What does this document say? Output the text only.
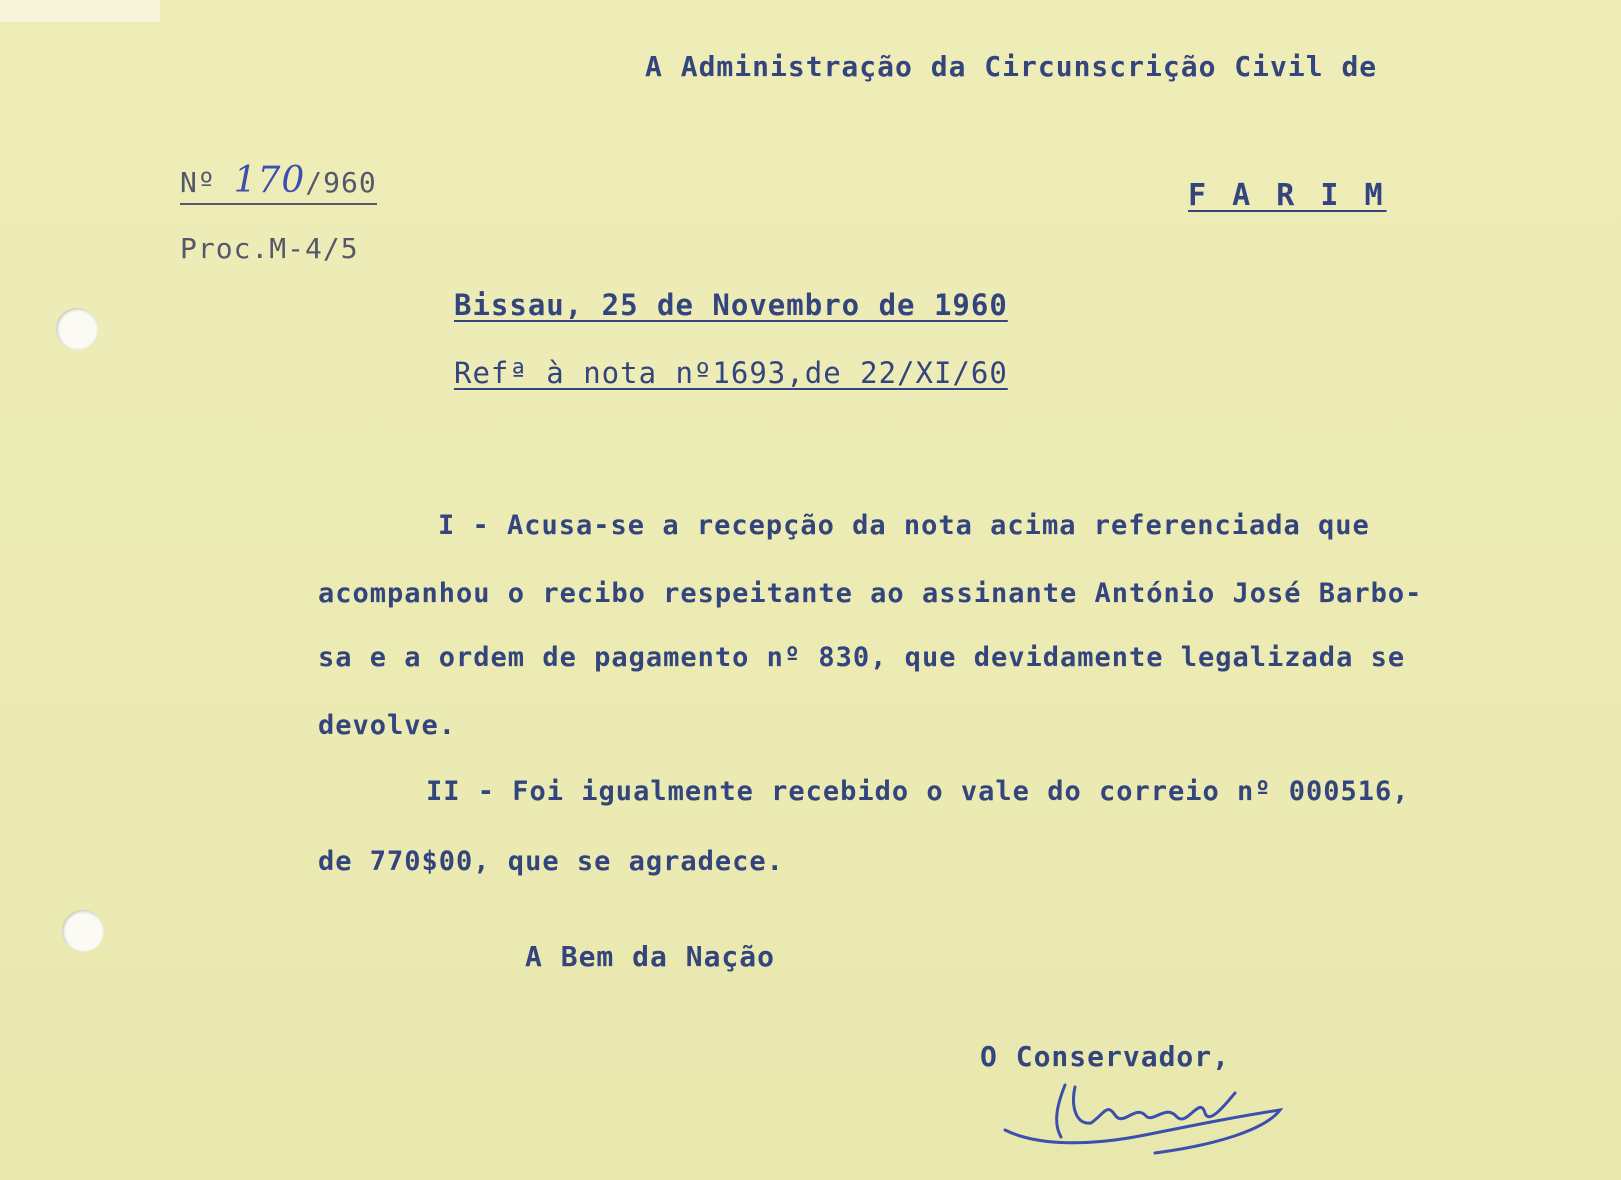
A Administração da Circunscrição Civil de
F A R I M
Nº 170/960
Proc.M-4/5
Bissau, 25 de Novembro de 1960
Refª à nota nº1693,de 22/XI/60
I - Acusa-se a recepção da nota acima referenciada que
acompanhou o recibo respeitante ao assinante António José Barbo-
sa e a ordem de pagamento nº 830, que devidamente legalizada se
devolve.
II - Foi igualmente recebido o vale do correio nº 000516,
de 770$00, que se agradece.
A Bem da Nação
O Conservador,
